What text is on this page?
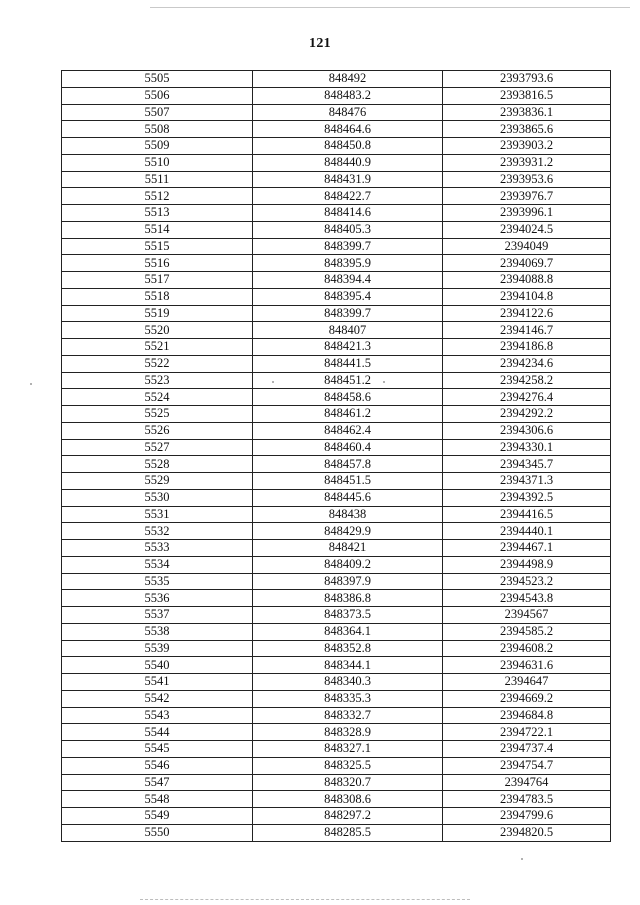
121
5505	848492	2393793.6
5506	848483.2	2393816.5
5507	848476	2393836.1
5508	848464.6	2393865.6
5509	848450.8	2393903.2
5510	848440.9	2393931.2
5511	848431.9	2393953.6
5512	848422.7	2393976.7
5513	848414.6	2393996.1
5514	848405.3	2394024.5
5515	848399.7	2394049
5516	848395.9	2394069.7
5517	848394.4	2394088.8
5518	848395.4	2394104.8
5519	848399.7	2394122.6
5520	848407	2394146.7
5521	848421.3	2394186.8
5522	848441.5	2394234.6
5523	848451.2	2394258.2
5524	848458.6	2394276.4
5525	848461.2	2394292.2
5526	848462.4	2394306.6
5527	848460.4	2394330.1
5528	848457.8	2394345.7
5529	848451.5	2394371.3
5530	848445.6	2394392.5
5531	848438	2394416.5
5532	848429.9	2394440.1
5533	848421	2394467.1
5534	848409.2	2394498.9
5535	848397.9	2394523.2
5536	848386.8	2394543.8
5537	848373.5	2394567
5538	848364.1	2394585.2
5539	848352.8	2394608.2
5540	848344.1	2394631.6
5541	848340.3	2394647
5542	848335.3	2394669.2
5543	848332.7	2394684.8
5544	848328.9	2394722.1
5545	848327.1	2394737.4
5546	848325.5	2394754.7
5547	848320.7	2394764
5548	848308.6	2394783.5
5549	848297.2	2394799.6
5550	848285.5	2394820.5
